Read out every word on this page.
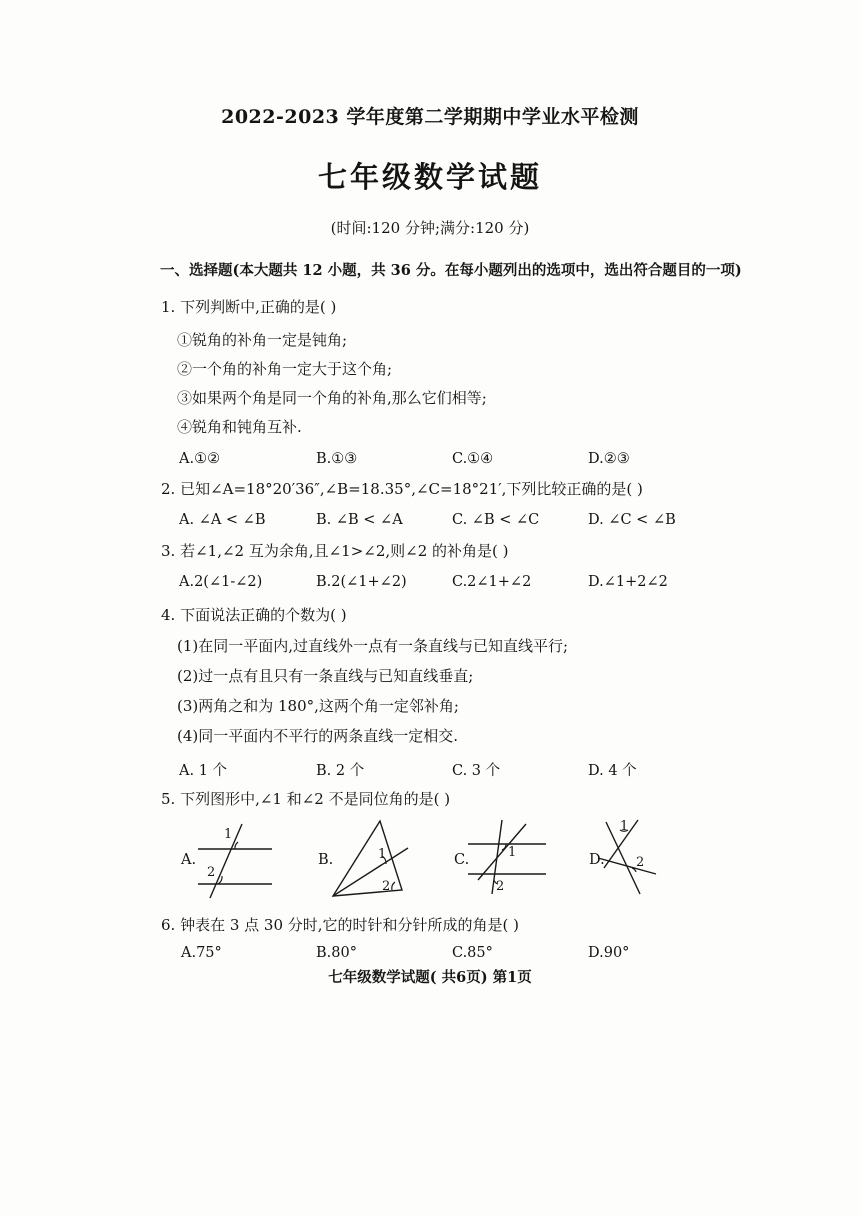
2022-2023 学年度第二学期期中学业水平检测
七年级数学试题
(时间:120 分钟;满分:120 分)
一、选择题(本大题共 12 小题，共 36 分。在每小题列出的选项中，选出符合题目的一项)
1. 下列判断中,正确的是( )
①锐角的补角一定是钝角;
②一个角的补角一定大于这个角;
③如果两个角是同一个角的补角,那么它们相等;
④锐角和钝角互补.
A.①②	B.①③	C.①④	D.②③
2. 已知∠A=18°20′36″,∠B=18.35°,∠C=18°21′,下列比较正确的是( )
A. ∠A < ∠B	B. ∠B < ∠A	C. ∠B < ∠C	D. ∠C < ∠B
3. 若∠1,∠2 互为余角,且∠1>∠2,则∠2 的补角是( )
A.2(∠1-∠2)	B.2(∠1+∠2)	C.2∠1+∠2	D.∠1+2∠2
4. 下面说法正确的个数为( )
(1)在同一平面内,过直线外一点有一条直线与已知直线平行;
(2)过一点有且只有一条直线与已知直线垂直;
(3)两角之和为 180°,这两个角一定邻补角;
(4)同一平面内不平行的两条直线一定相交.
A. 1 个	B. 2 个	C. 3 个	D. 4 个
5. 下列图形中,∠1 和∠2 不是同位角的是( )
A.
1
2
B.	1
2
C.	1
2
D.
1
2
6. 钟表在 3 点 30 分时,它的时针和分针所成的角是( )
A.75°	B.80°	C.85°	D.90°
七年级数学试题( 共6页) 第1页
